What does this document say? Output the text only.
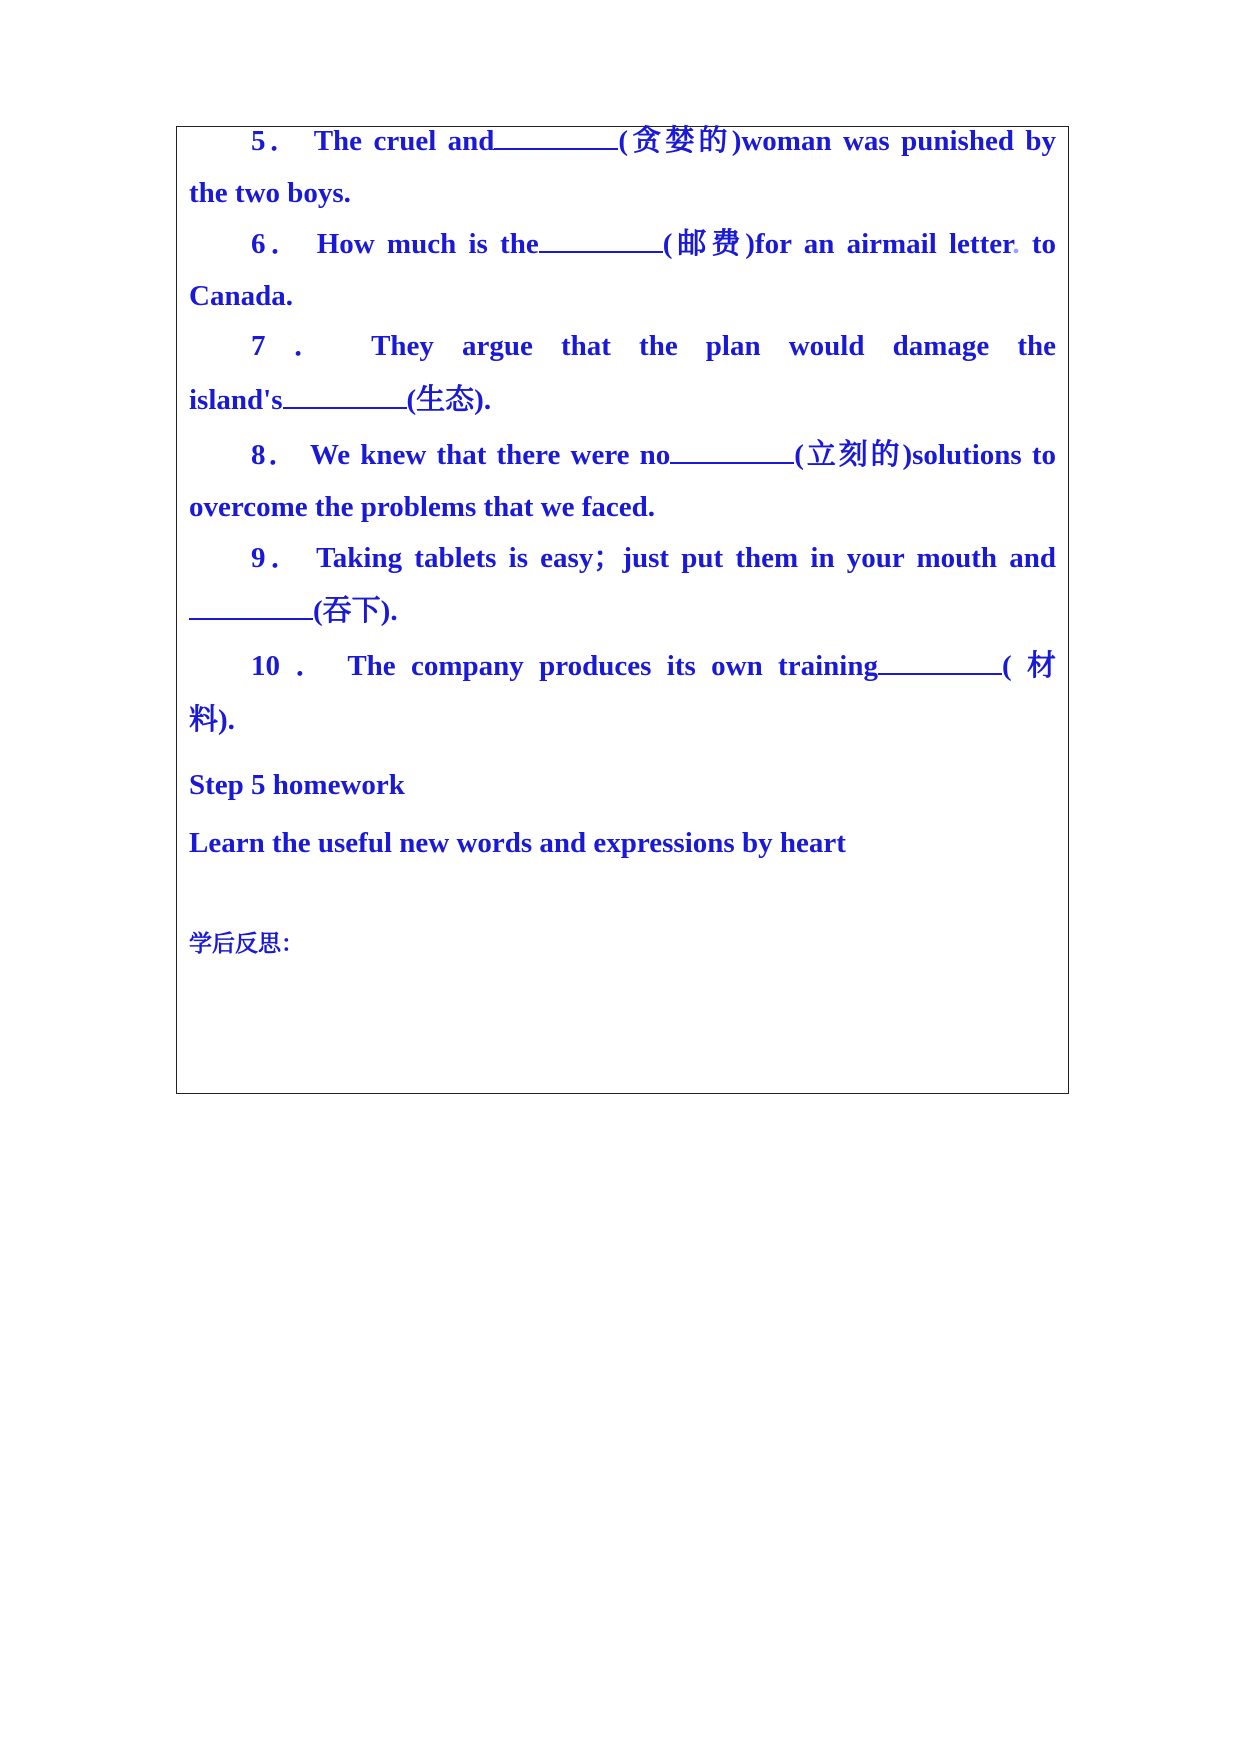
5． The cruel and	(贪婪的)woman was punished by
the two boys.
6． How much is the	(邮费)for an airmail letter. to
Canada.
7 ． They argue that the plan would damage the
island's	(生态).
8． We knew that there were no	(立刻的)solutions to
overcome the problems that we faced.
9． Taking tablets is easy；just put them in your mouth and
(吞下).
10 ． The company produces its own training	( 材
料).
Step 5 homework
Learn the useful new words and expressions by heart
学后反思：
